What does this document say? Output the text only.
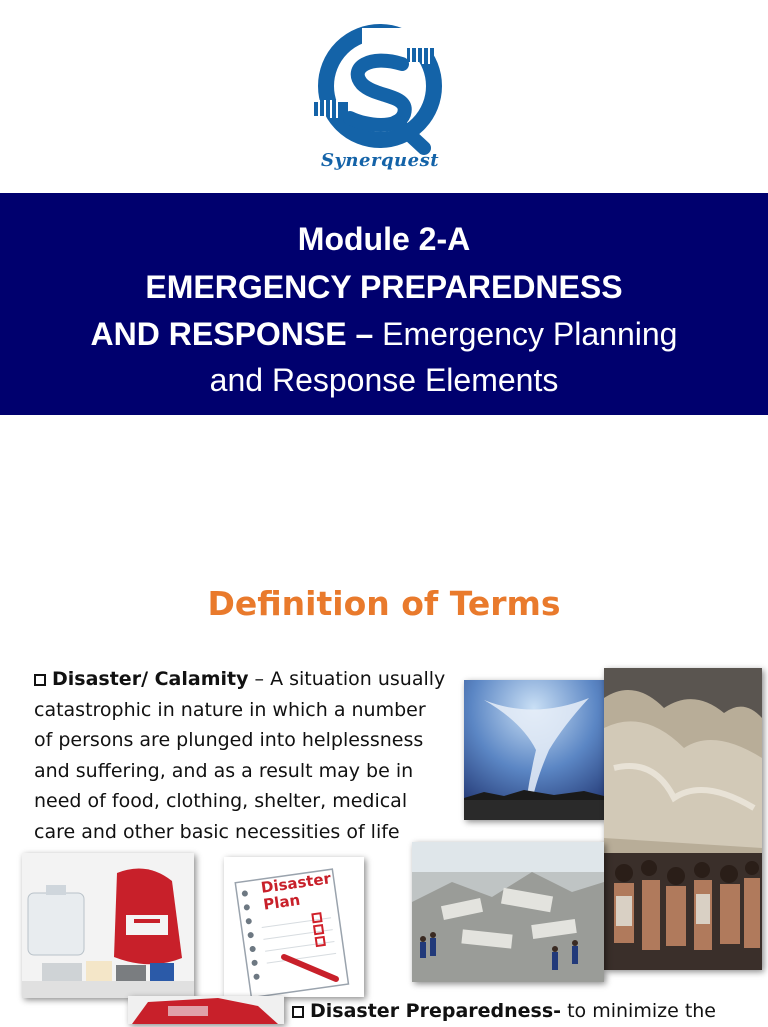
Synerquest
Module 2-A
EMERGENCY PREPAREDNESS
AND RESPONSE – Emergency Planning
and Response Elements
Definition of Terms
Disaster/ Calamity – A situation usually
catastrophic in nature in which a number
of persons are plunged into helplessness
and suffering, and as a result may be in
need of food, clothing, shelter, medical
care and other basic necessities of life
Disaster
Plan
Disaster Preparedness- to minimize the
